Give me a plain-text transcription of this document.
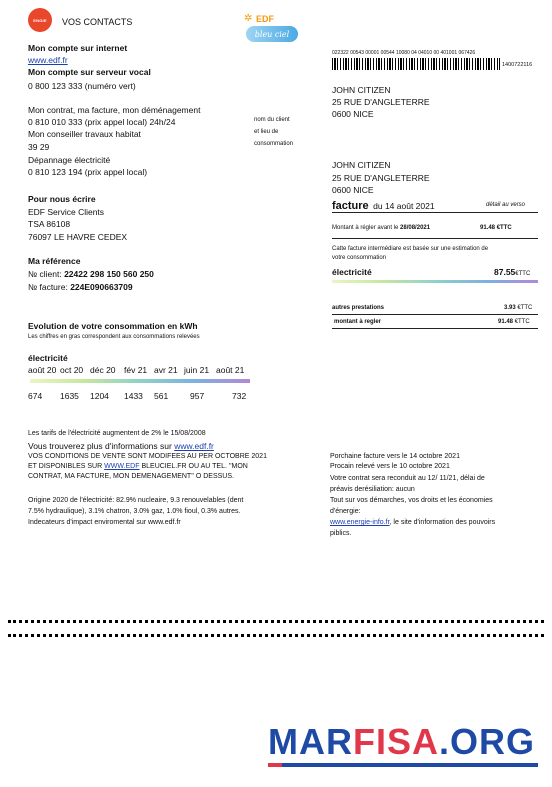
ENGIE VOS CONTACTS	✲ EDF
bleu ciel
Mon compte sur internet
www.edf.fr
Mon compte sur serveur vocal
0 800 123 333 (numéro vert)
Mon contrat, ma facture, mon déménagement
0 810 010 333 (prix appel local) 24h/24
Mon conseiller travaux habitat
39 29
Dépannage électricité
0 810 123 194 (prix appel local)
nom du client
et lieu de
consommation
Pour nous écrire
EDF Service Clients
TSA 86108
76097 LE HAVRE CEDEX
Ma référence
№ client: 22422 298 150 560 250
№ facture: 224E090663709
Evolution de votre consommation en kWh
Les chiffres en gras correspondent aux consommations relevées
électricité
août 20 oct 20 déc 20 fév 21 avr 21 juin 21 août 21
674 1635 1204 1433 561	957	732
Les tarifs de l'électricité augmentent de 2% le 15/08/2008
Vous trouverez plus d'informations sur www.edf.fr
VOS CONDITIONS DE VENTE SONT MODIFEES AU PER OCTOBRE 2021
ET DISPONIBLES SUR WWW.EDF BLEUCIEL.FR OU AU TEL. ''MON
CONTRAT, MA FACTURE, MON DEMENAGEMENT'' O DESSUS.
Origine 2020 de l'électricité: 82.9% nucleaire, 9.3 renouvelables (dent
7.5% hydraulique), 3.1% chatron, 3.0% gaz, 1.0% fioul, 0.3% autres.
Indecateurs d'impact enviromental sur www.edf.fr
022322 00543 00001 00544 10080 04 04010 00 401001 067426
1400722116
JOHN CITIZEN
25 RUE D'ANGLETERRE
0600 NICE
JOHN CITIZEN
25 RUE D'ANGLETERRE
0600 NICE
facture du 14 août 2021	détail au verso
Montant à régler avant le 28/08/2021	91.48 €TTC
Catte facture intermédiare est basée sur une estimation de
votre consommation
électricité	87.55€TTC
autres prestations	3.93 €TTC
montant à regler	91.48 €TTC
Porchaine facture vers le 14 octobre 2021
Procain relevé vers le 10 octobre 2021
Votre contrat sera reconduit au 12/ 11/21, délai de
préavis derésiliation: aucun
Tout sur vos démarches, vos droits et les économies
d'énergie:
www.energie-info.fr, le site d'information des pouvoirs
piblics.
MARFISA.ORG
